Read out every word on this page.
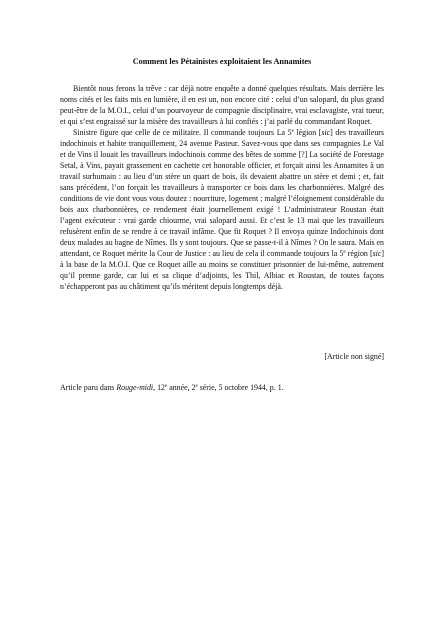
Comment les Pétainistes exploitaient les Annamites

Bientôt nous ferons la trêve : car déjà notre enquête a donné quelques résultats. Mais derrière les noms cités et les faits mis en lumière, il en est un, non encore cité : celui d’un salopard, du plus grand peut-être de la M.O.I., celui d’un pourvoyeur de compagnie disciplinaire, vrai esclavagiste, vrai tueur, et qui s’est engraissé sur la misère des travailleurs à lui confiés : j’ai parlé du commandant Roquet.

Sinistre figure que celle de ce militaire. Il commande toujours La 5e légion [sic] des travailleurs indochinois et habite tranquillement, 24 avenue Pasteur. Savez-vous que dans ses compagnies Le Val et de Vins il louait les travailleurs indochinois comme des bêtes de somme [?] La société de Forestage Setal, à Vins, payait grassement en cachette cet honorable officier, et forçait ainsi les Annamites à un travail surhumain : au lieu d’un stère un quart de bois, ils devaient abattre un stère et demi ; et, fait sans précédent, l’on forçait les travailleurs à transporter ce bois dans les charbonnières. Malgré des conditions de vie dont vous vous doutez : nourriture, logement ; malgré l’éloignement considérable du bois aux charbonnières, ce rendement était journellement exigé ! L’administrateur Roustan était l’agent exécuteur : vrai garde chiourme, vrai salopard aussi. Et c’est le 13 mai que les travailleurs refusèrent enfin de se rendre à ce travail infâme. Que fit Roquet ? Il envoya quinze Indochinois dont deux malades au bagne de Nîmes. Ils y sont toujours. Que se passe-t-il à Nîmes ? On le saura. Mais en attendant, ce Roquet mérite la Cour de Justice : au lieu de cela il commande toujours la 5e région [sic] à la base de la M.O.I. Que ce Roquet aille au moins se constituer prisonnier de lui-même, autrement qu’il prenne garde, car lui et sa clique d’adjoints, les Thil, Albiac et Roustan, de toutes façons n’échapperont pas au châtiment qu’ils méritent depuis longtemps déjà.

[Article non signé]
Article paru dans Rouge-midi, 12e année, 2e série, 5 octobre 1944, p. 1.
